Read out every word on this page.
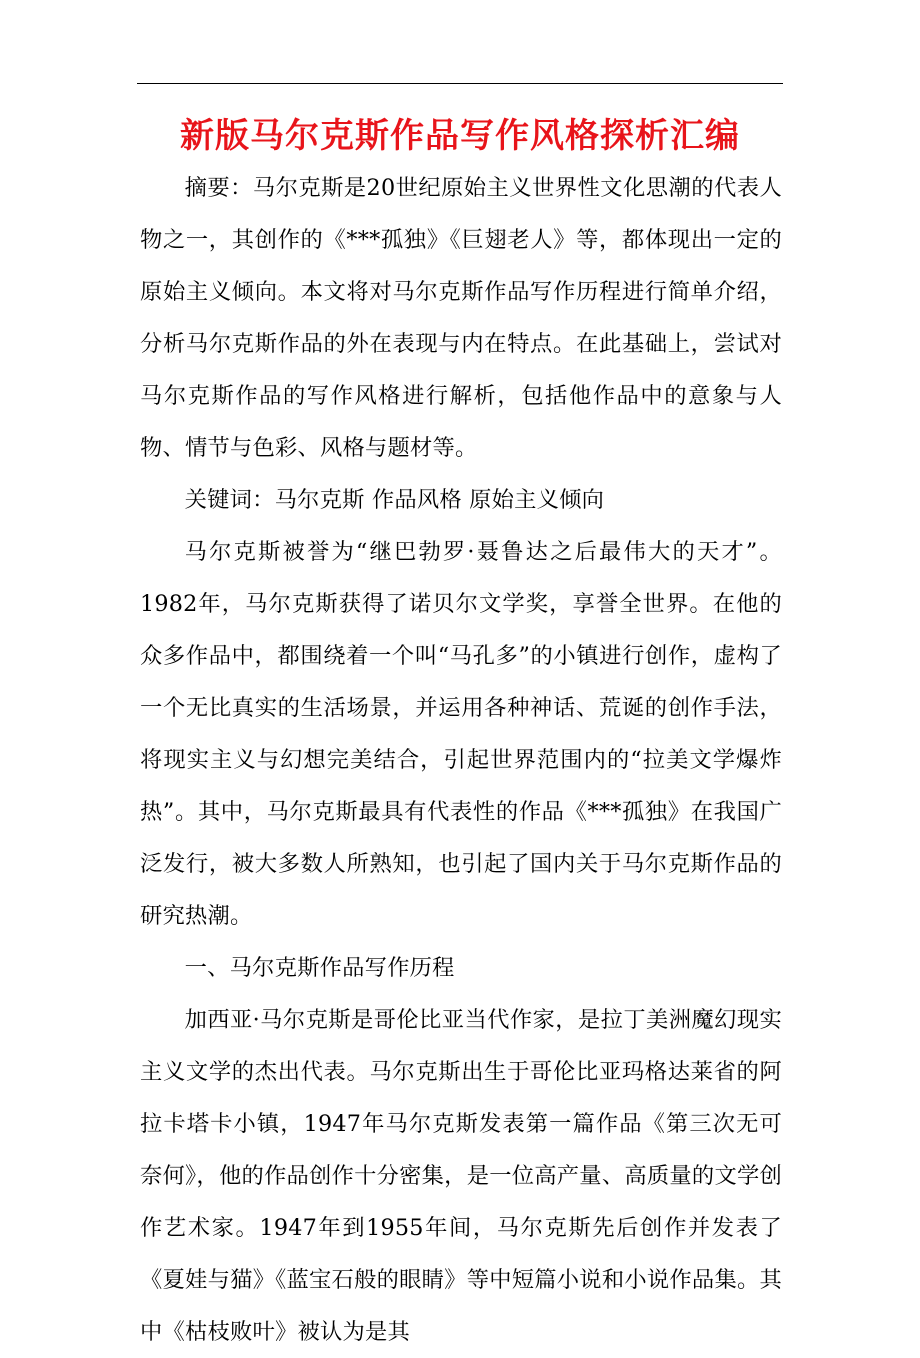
新版马尔克斯作品写作风格探析汇编

摘要：马尔克斯是20世纪原始主义世界性文化思潮的代表人物之一，其创作的《***孤独》《巨翅老人》等，都体现出一定的原始主义倾向。本文将对马尔克斯作品写作历程进行简单介绍，分析马尔克斯作品的外在表现与内在特点。在此基础上，尝试对马尔克斯作品的写作风格进行解析，包括他作品中的意象与人物、情节与色彩、风格与题材等。

关键词：马尔克斯 作品风格 原始主义倾向

马尔克斯被誉为“继巴勃罗·聂鲁达之后最伟大的天才”。1982年，马尔克斯获得了诺贝尔文学奖，享誉全世界。在他的众多作品中，都围绕着一个叫“马孔多”的小镇进行创作，虚构了一个无比真实的生活场景，并运用各种神话、荒诞的创作手法，将现实主义与幻想完美结合，引起世界范围内的“拉美文学爆炸热”。其中，马尔克斯最具有代表性的作品《***孤独》在我国广泛发行，被大多数人所熟知，也引起了国内关于马尔克斯作品的研究热潮。

一、马尔克斯作品写作历程

加西亚·马尔克斯是哥伦比亚当代作家，是拉丁美洲魔幻现实主义文学的杰出代表。马尔克斯出生于哥伦比亚玛格达莱省的阿拉卡塔卡小镇，1947年马尔克斯发表第一篇作品《第三次无可奈何》，他的作品创作十分密集，是一位高产量、高质量的文学创作艺术家。1947年到1955年间，马尔克斯先后创作并发表了《夏娃与猫》《蓝宝石般的眼睛》等中短篇小说和小说作品集。其中《枯枝败叶》被认为是其
